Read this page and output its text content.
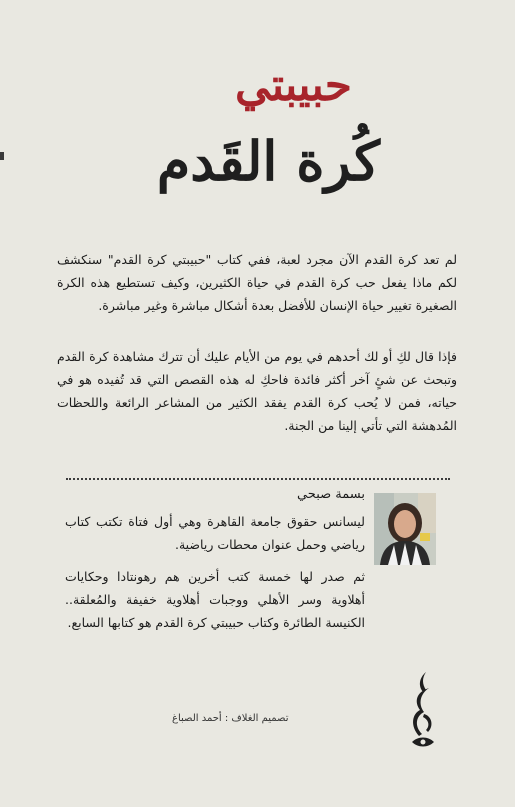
حبيبتي
كُرة القَدم
لم تعد كرة القدم الآن مجرد لعبة، ففي كتاب "حبيبتي كرة القدم" سنكشف لكم ماذا يفعل حب كرة القدم في حياة الكثيرين، وكيف تستطيع هذه الكرة الصغيرة تغيير حياة الإنسان للأفضل بعدة أشكال مباشرة وغير مباشرة.
فإذا قال لكِ أو لك أحدهم في يوم من الأيام عليك أن تترك مشاهدة كرة القدم وتبحث عن شئٍ آخر أكثر فائدة فاحكِ له هذه القصص التي قد تُفيده هو في حياته، فمن لا يُحب كرة القدم يفقد الكثير من المشاعر الرائعة واللحظات المُدهشة التي تأتي إلينا من الجنة.
بسمة صبحي
ليسانس حقوق جامعة القاهرة وهي أول فتاة تكتب كتاب رياضي وحمل عنوان محطات رياضية.
ثم صدر لها خمسة كتب أخرين هم رهونتادا وحكايات أهلاوية وسر الأهلي ووجبات أهلاوية خفيفة والمُعلقة.. الكنيسة الطائرة وكتاب حبيبتي كرة القدم هو كتابها السابع.
تصميم الغلاف : أحمد الصباغ
